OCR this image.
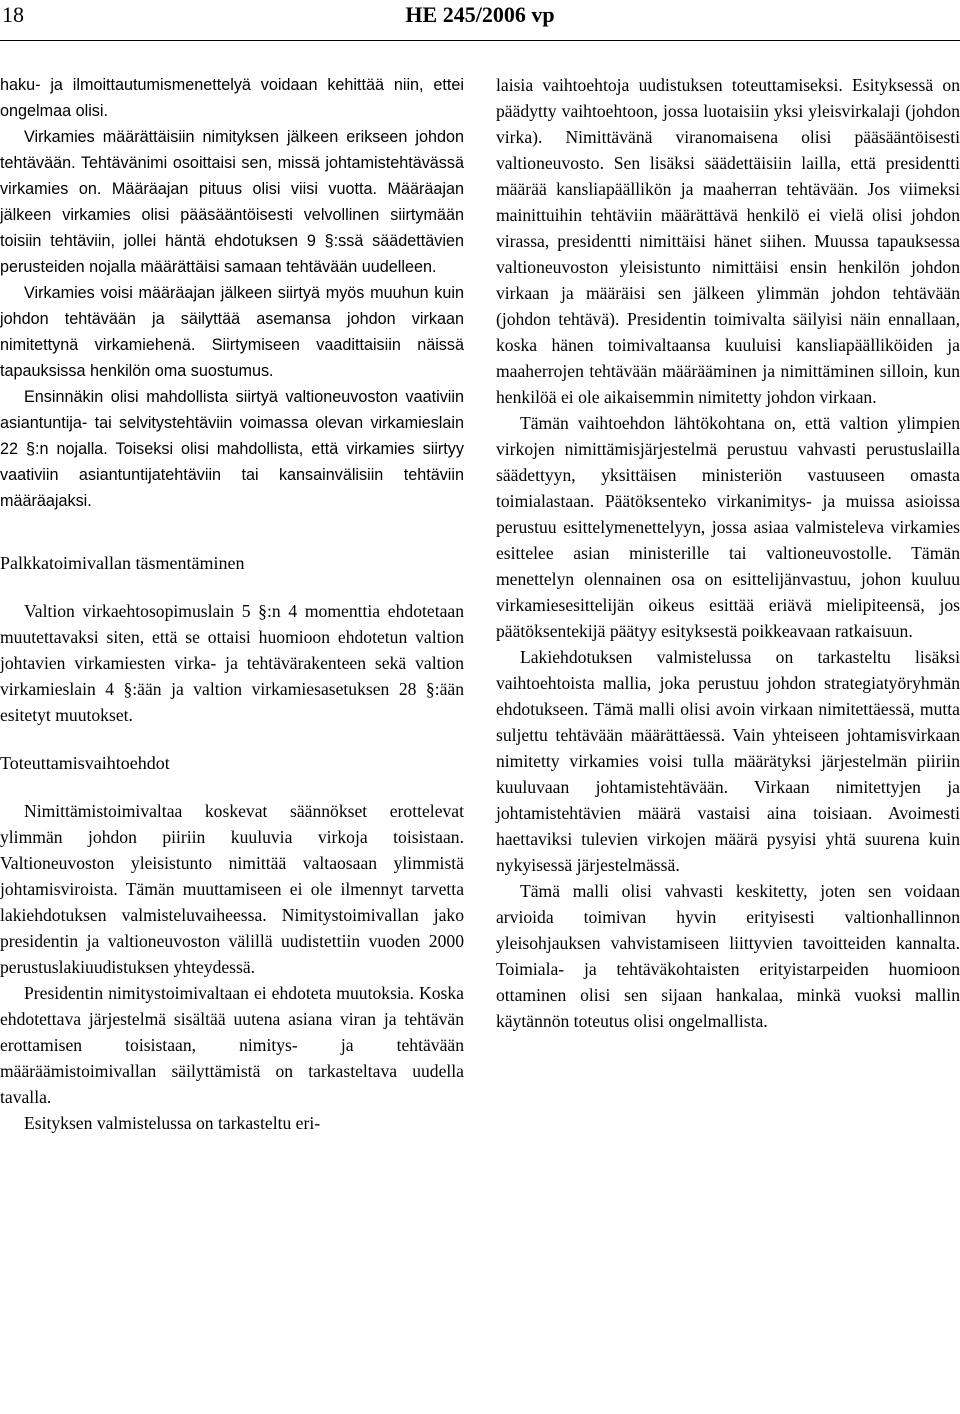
18	HE 245/2006 vp

haku- ja ilmoittautumismenettelyä voidaan kehittää niin, ettei ongelmaa olisi.

Virkamies määrättäisiin nimityksen jälkeen erikseen johdon tehtävään. Tehtävänimi osoittaisi sen, missä johtamistehtävässä virkamies on. Määräajan pituus olisi viisi vuotta. Määräajan jälkeen virkamies olisi pääsääntöisesti velvollinen siirtymään toisiin tehtäviin, jollei häntä ehdotuksen 9 §:ssä säädettävien perusteiden nojalla määrättäisi samaan tehtävään uudelleen.

Virkamies voisi määräajan jälkeen siirtyä myös muuhun kuin johdon tehtävään ja säilyttää asemansa johdon virkaan nimitettynä virkamiehenä. Siirtymiseen vaadittaisiin näissä tapauksissa henkilön oma suostumus.

Ensinnäkin olisi mahdollista siirtyä valtioneuvoston vaativiin asiantuntija- tai selvitystehtäviin voimassa olevan virkamieslain 22 §:n nojalla. Toiseksi olisi mahdollista, että virkamies siirtyy vaativiin asiantuntijatehtäviin tai kansainvälisiin tehtäviin määräajaksi.

Palkkatoimivallan täsmentäminen

Valtion virkaehtosopimuslain 5 §:n 4 momenttia ehdotetaan muutettavaksi siten, että se ottaisi huomioon ehdotetun valtion johtavien virkamiesten virka- ja tehtävärakenteen sekä valtion virkamieslain 4 §:ään ja valtion virkamiesasetuksen 28 §:ään esitetyt muutokset.

Toteuttamisvaihtoehdot

Nimittämistoimivaltaa koskevat säännökset erottelevat ylimmän johdon piiriin kuuluvia virkoja toisistaan. Valtioneuvoston yleisistunto nimittää valtaosaan ylimmistä johtamisviroista. Tämän muuttamiseen ei ole ilmennyt tarvetta lakiehdotuksen valmisteluvaiheessa. Nimitystoimivallan jako presidentin ja valtioneuvoston välillä uudistettiin vuoden 2000 perustuslakiuudistuksen yhteydessä.

Presidentin nimitystoimivaltaan ei ehdoteta muutoksia. Koska ehdotettava järjestelmä sisältää uutena asiana viran ja tehtävän erottamisen toisistaan, nimitys- ja tehtävään määräämistoimivallan säilyttämistä on tarkasteltava uudella tavalla.

Esityksen valmistelussa on tarkasteltu eri-

laisia vaihtoehtoja uudistuksen toteuttamiseksi. Esityksessä on päädytty vaihtoehtoon, jossa luotaisiin yksi yleisvirkalaji (johdon virka). Nimittävänä viranomaisena olisi pääsääntöisesti valtioneuvosto. Sen lisäksi säädettäisiin lailla, että presidentti määrää kansliapäällikön ja maaherran tehtävään. Jos viimeksi mainittuihin tehtäviin määrättävä henkilö ei vielä olisi johdon virassa, presidentti nimittäisi hänet siihen. Muussa tapauksessa valtioneuvoston yleisistunto nimittäisi ensin henkilön johdon virkaan ja määräisi sen jälkeen ylimmän johdon tehtävään (johdon tehtävä). Presidentin toimivalta säilyisi näin ennallaan, koska hänen toimivaltaansa kuuluisi kansliapäälliköiden ja maaherrojen tehtävään määrääminen ja nimittäminen silloin, kun henkilöä ei ole aikaisemmin nimitetty johdon virkaan.

Tämän vaihtoehdon lähtökohtana on, että valtion ylimpien virkojen nimittämisjärjestelmä perustuu vahvasti perustuslailla säädettyyn, yksittäisen ministeriön vastuuseen omasta toimialastaan. Päätöksenteko virkanimitys- ja muissa asioissa perustuu esittelymenettelyyn, jossa asiaa valmisteleva virkamies esittelee asian ministerille tai valtioneuvostolle. Tämän menettelyn olennainen osa on esittelijänvastuu, johon kuuluu virkamiesesittelijän oikeus esittää eriävä mielipiteensä, jos päätöksentekijä päätyy esityksestä poikkeavaan ratkaisuun.

Lakiehdotuksen valmistelussa on tarkasteltu lisäksi vaihtoehtoista mallia, joka perustuu johdon strategiatyöryhmän ehdotukseen. Tämä malli olisi avoin virkaan nimitettäessä, mutta suljettu tehtävään määrättäessä. Vain yhteiseen johtamisvirkaan nimitetty virkamies voisi tulla määrätyksi järjestelmän piiriin kuuluvaan johtamistehtävään. Virkaan nimitettyjen ja johtamistehtävien määrä vastaisi aina toisiaan. Avoimesti haettaviksi tulevien virkojen määrä pysyisi yhtä suurena kuin nykyisessä järjestelmässä.

Tämä malli olisi vahvasti keskitetty, joten sen voidaan arvioida toimivan hyvin erityisesti valtionhallinnon yleisohjauksen vahvistamiseen liittyvien tavoitteiden kannalta. Toimiala- ja tehtäväkohtaisten erityistarpeiden huomioon ottaminen olisi sen sijaan hankalaa, minkä vuoksi mallin käytännön toteutus olisi ongelmallista.
